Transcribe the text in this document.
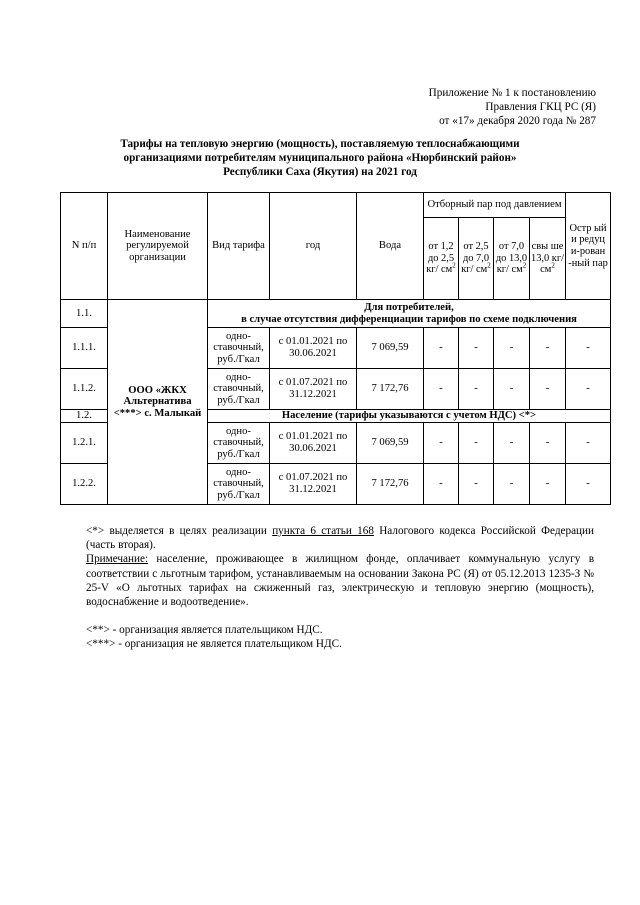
Приложение № 1 к постановлению
Правления ГКЦ РС (Я)
от «17» декабря 2020 года № 287
Тарифы на тепловую энергию (мощность), поставляемую теплоснабжающими
организациями потребителям муниципального района «Нюрбинский район»
Республики Саха (Якутия) на 2021 год
N п/п	Наименование регулируемой организации	Вид тарифа	год	Вода	Отборный пар под давлением				Остр ый и редуц и-рован -ный пар
					от 1,2 до 2,5 кг/ $см^2$	от 2,5 до 7,0 кг/ $см^2$	от 7,0 до 13,0 кг/ $см^2$	свы ше 13,0 кг/ $см^2$
1.1.	ООО «ЖКХ Альтернатива <***> с. Малыкай	Для потребителей,
в случае отсутствия дифференциации тарифов по схеме подключения							

1.1.1.		одно-ставочный, руб./Гкал	с 01.01.2021 по 30.06.2021	7 069,59	-	-	-	-	-
1.1.2.		одно-ставочный, руб./Гкал	с 01.07.2021 по 31.12.2021	7 172,76	-	-	-	-	-
1.2.		Население (тарифы указываются с учетом НДС) <*>							
1.2.1.		одно-ставочный, руб./Гкал	с 01.01.2021 по 30.06.2021	7 069,59	-	-	-	-	-
1.2.2.		одно-ставочный, руб./Гкал	с 01.07.2021 по 31.12.2021	7 172,76	-	-	-	-	-

<*> выделяется в целях реализации пункта 6 статьи 168 Налогового кодекса Российской Федерации (часть вторая).

Примечание: население, проживающее в жилищном фонде, оплачивает коммунальную услугу в соответствии с льготным тарифом, устанавливаемым на основании Закона РС (Я) от 05.12.2013 1235-З № 25-V «О льготных тарифах на сжиженный газ, электрическую и тепловую энергию (мощность), водоснабжение и водоотведение».

<**> - организация является плательщиком НДС.

<***> - организация не является плательщиком НДС.
